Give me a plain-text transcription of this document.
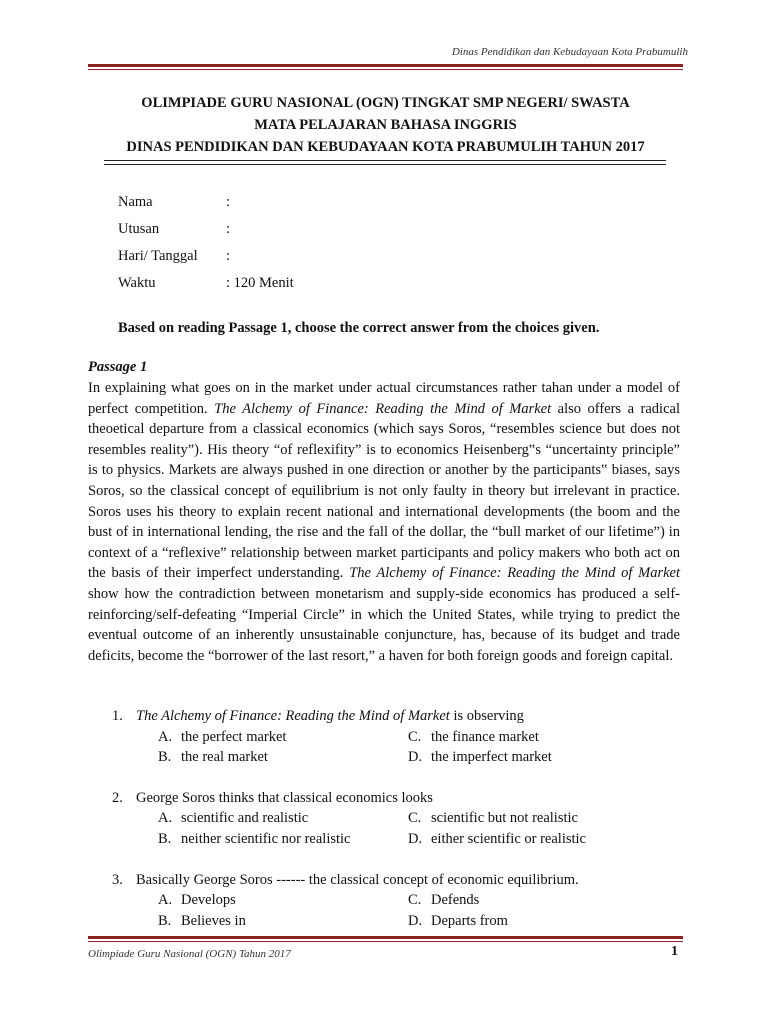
Dinas Pendidikan dan Kebudayaan Kota Prabumulih
OLIMPIADE GURU NASIONAL (OGN) TINGKAT SMP NEGERI/ SWASTA
MATA PELAJARAN BAHASA INGGRIS
DINAS PENDIDIKAN DAN KEBUDAYAAN KOTA PRABUMULIH TAHUN 2017
Nama	:
Utusan	:
Hari/ Tanggal	:
Waktu	: 120 Menit
Based on reading Passage 1, choose the correct answer from the choices given.
Passage 1

In explaining what goes on in the market under actual circumstances rather tahan under a model of perfect competition. The Alchemy of Finance: Reading the Mind of Market also offers a radical theoetical departure from a classical economics (which says Soros, “resembles science but does not resembles reality”). His theory “of reflexifity” is to economics Heisenberg‟s “uncertainty principle” is to physics. Markets are always pushed in one direction or another by the participants‟ biases, says Soros, so the classical concept of equilibrium is not only faulty in theory but irrelevant in practice. Soros uses his theory to explain recent national and international developments (the boom and the bust of in international lending, the rise and the fall of the dollar, the “bull market of our lifetime”) in context of a “reflexive” relationship between market participants and policy makers who both act on the basis of their imperfect understanding. The Alchemy of Finance: Reading the Mind of Market show how the contradiction between monetarism and supply-side economics has produced a self-reinforcing/self-defeating “Imperial Circle” in which the United States, while trying to predict the eventual outcome of an inherently unsustainable conjuncture, has, because of its budget and trade deficits, become the “borrower of the last resort,” a haven for both foreign goods and foreign capital.

1. The Alchemy of Finance: Reading the Mind of Market is observing
A. the perfect market	C. the finance market
B. the real market	D. the imperfect market
2. George Soros thinks that classical economics looks
A. scientific and realistic	C. scientific but not realistic
B. neither scientific nor realistic	D. either scientific or realistic
3. Basically George Soros ------ the classical concept of economic equilibrium.
A. Develops	C. Defends
B. Believes in	D. Departs from
Olimpiade Guru Nasional (OGN) Tahun 2017	1
